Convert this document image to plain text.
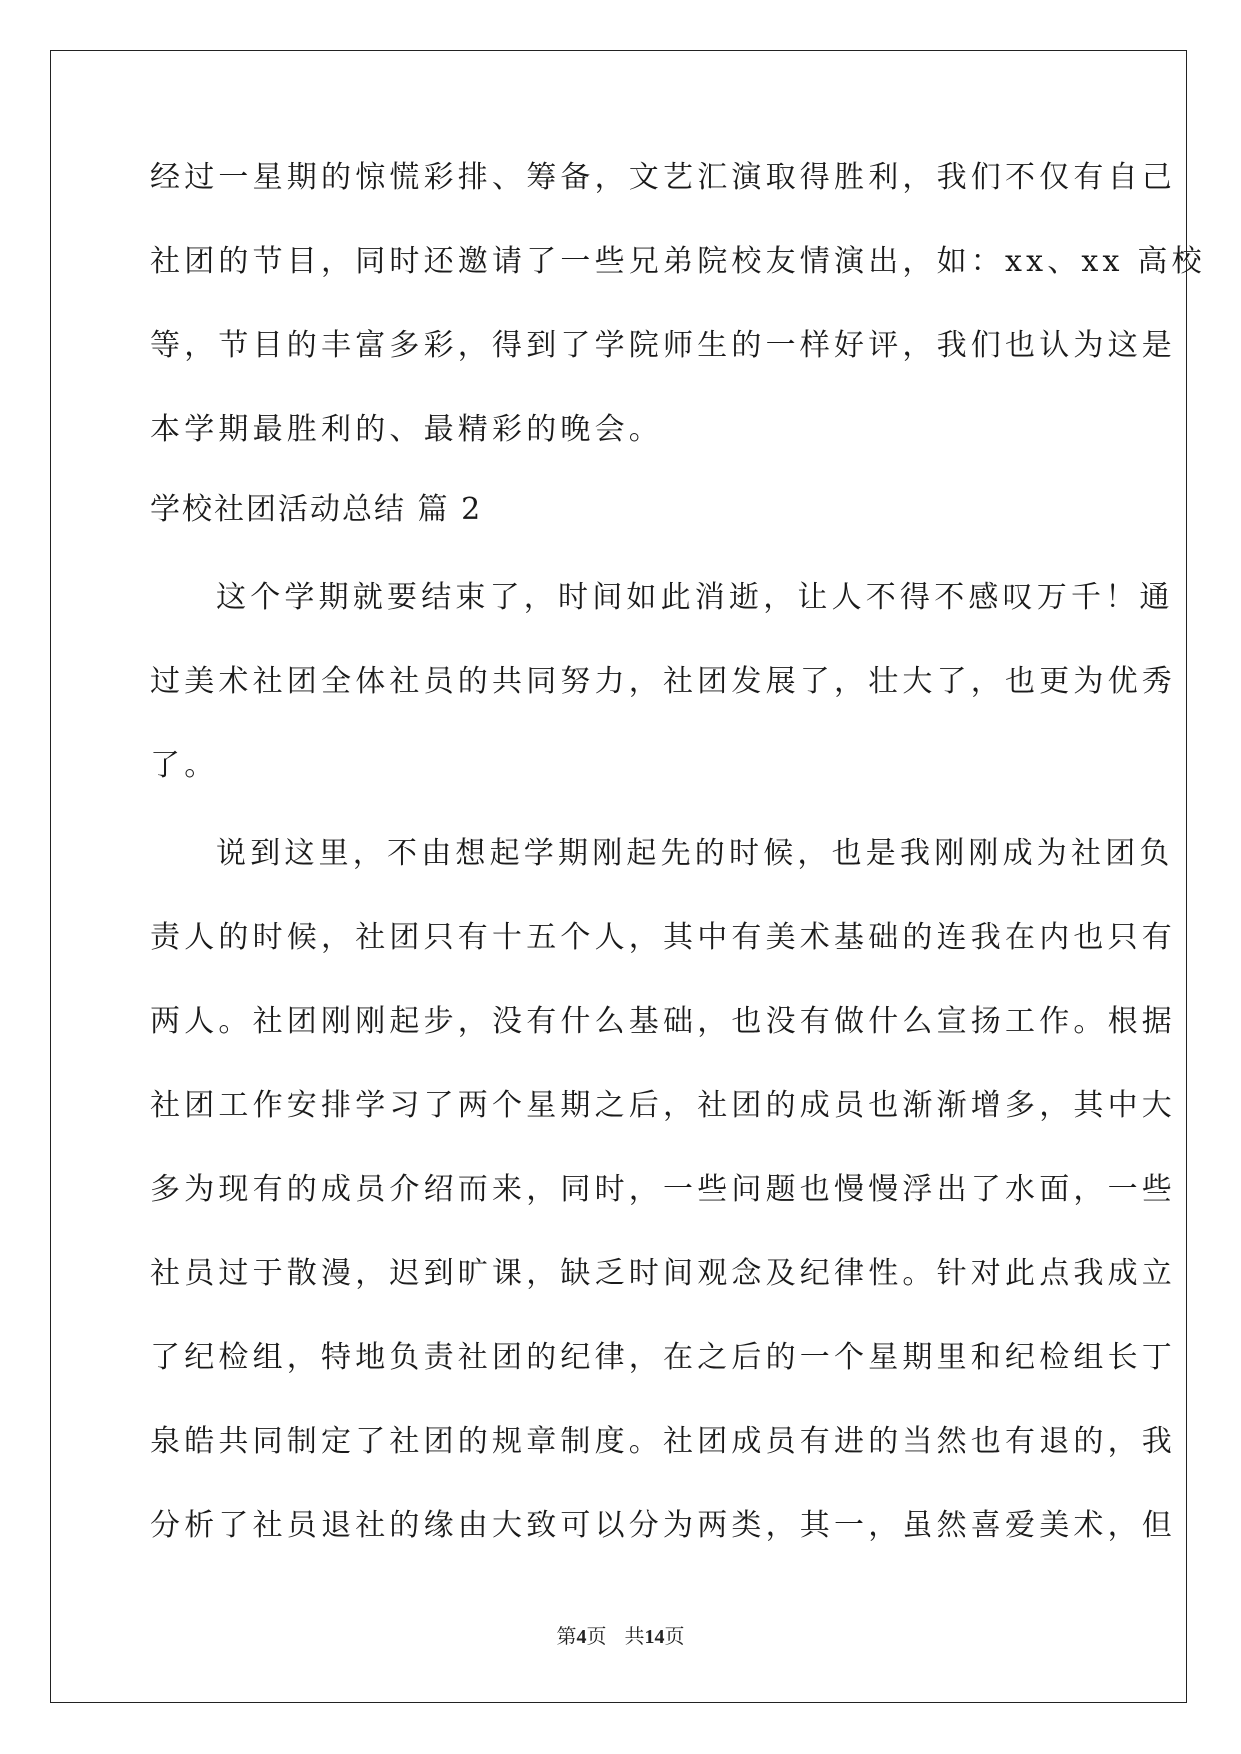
经过一星期的惊慌彩排、筹备，文艺汇演取得胜利，我们不仅有自己
社团的节目，同时还邀请了一些兄弟院校友情演出，如：xx、xx 高校
等，节目的丰富多彩，得到了学院师生的一样好评，我们也认为这是
本学期最胜利的、最精彩的晚会。
学校社团活动总结 篇 2
这个学期就要结束了，时间如此消逝，让人不得不感叹万千！通
过美术社团全体社员的共同努力，社团发展了，壮大了，也更为优秀
了。
说到这里，不由想起学期刚起先的时候，也是我刚刚成为社团负
责人的时候，社团只有十五个人，其中有美术基础的连我在内也只有
两人。社团刚刚起步，没有什么基础，也没有做什么宣扬工作。根据
社团工作安排学习了两个星期之后，社团的成员也渐渐增多，其中大
多为现有的成员介绍而来，同时，一些问题也慢慢浮出了水面，一些
社员过于散漫，迟到旷课，缺乏时间观念及纪律性。针对此点我成立
了纪检组，特地负责社团的纪律，在之后的一个星期里和纪检组长丁
泉皓共同制定了社团的规章制度。社团成员有进的当然也有退的，我
分析了社员退社的缘由大致可以分为两类，其一，虽然喜爱美术，但
第4页 共14页
